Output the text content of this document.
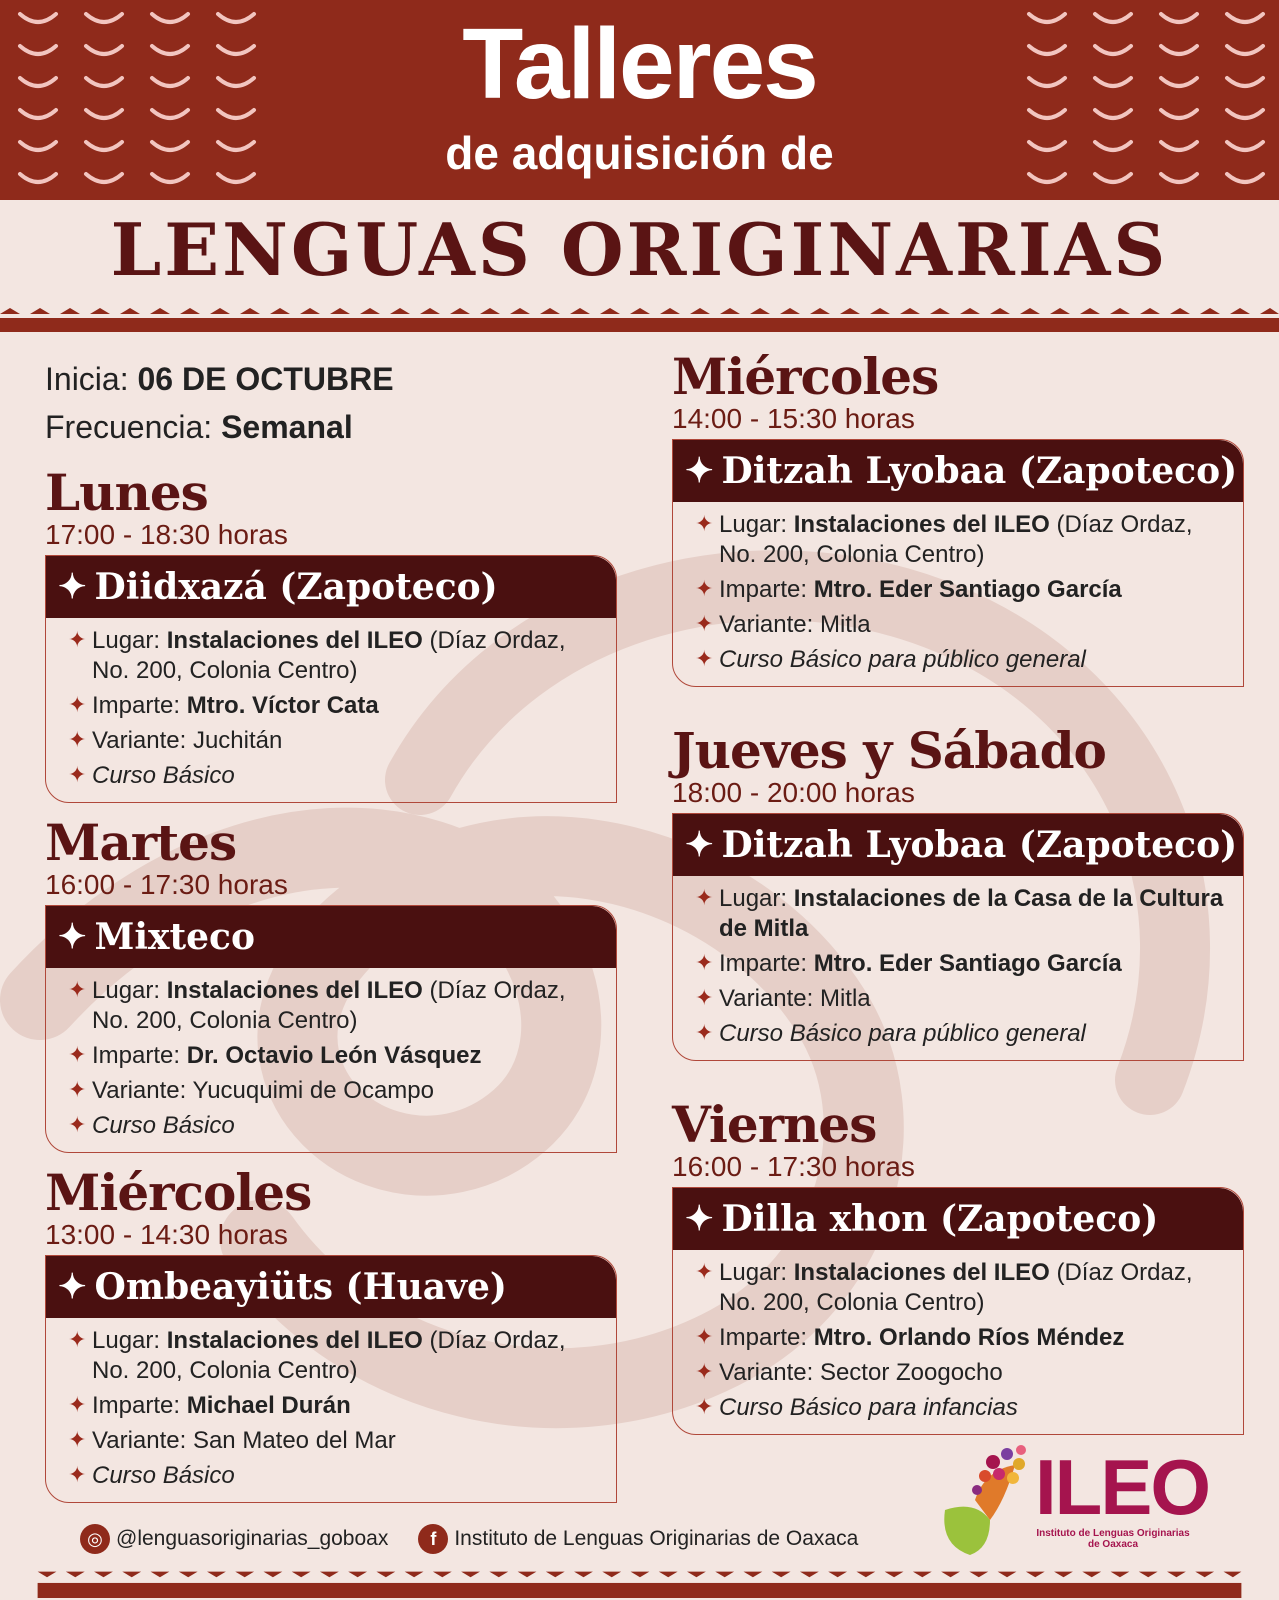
Talleres
de adquisición de
LENGUAS ORIGINARIAS
Inicia: 06 DE OCTUBRE
Frecuencia: Semanal
Lunes
17:00 - 18:30 horas
✦ Diidxazá (Zapoteco)
✦ Lugar: Instalaciones del ILEO (Díaz Ordaz, No. 200, Colonia Centro)
✦ Imparte: Mtro. Víctor Cata
✦ Variante: Juchitán
✦ Curso Básico
Martes
16:00 - 17:30 horas
✦ Mixteco
✦ Lugar: Instalaciones del ILEO (Díaz Ordaz, No. 200, Colonia Centro)
✦ Imparte: Dr. Octavio León Vásquez
✦ Variante: Yucuquimi de Ocampo
✦ Curso Básico
Miércoles
13:00 - 14:30 horas
✦ Ombeayiüts (Huave)
✦ Lugar: Instalaciones del ILEO (Díaz Ordaz, No. 200, Colonia Centro)
✦ Imparte: Michael Durán
✦ Variante: San Mateo del Mar
✦ Curso Básico
Miércoles
14:00 - 15:30 horas
✦ Ditzah Lyobaa (Zapoteco)
✦ Lugar: Instalaciones del ILEO (Díaz Ordaz, No. 200, Colonia Centro)
✦ Imparte: Mtro. Eder Santiago García
✦ Variante: Mitla
✦ Curso Básico para público general
Jueves y Sábado
18:00 - 20:00 horas
✦ Ditzah Lyobaa (Zapoteco)
✦ Lugar: Instalaciones de la Casa de la Cultura de Mitla
✦ Imparte: Mtro. Eder Santiago García
✦ Variante: Mitla
✦ Curso Básico para público general
Viernes
16:00 - 17:30 horas
✦ Dilla xhon (Zapoteco)
✦ Lugar: Instalaciones del ILEO (Díaz Ordaz, No. 200, Colonia Centro)
✦ Imparte: Mtro. Orlando Ríos Méndez
✦ Variante: Sector Zoogocho
✦ Curso Básico para infancias
ILEO
Instituto de Lenguas Originarias de Oaxaca
◎ @lenguasoriginarias_goboax	f Instituto de Lenguas Originarias de Oaxaca
